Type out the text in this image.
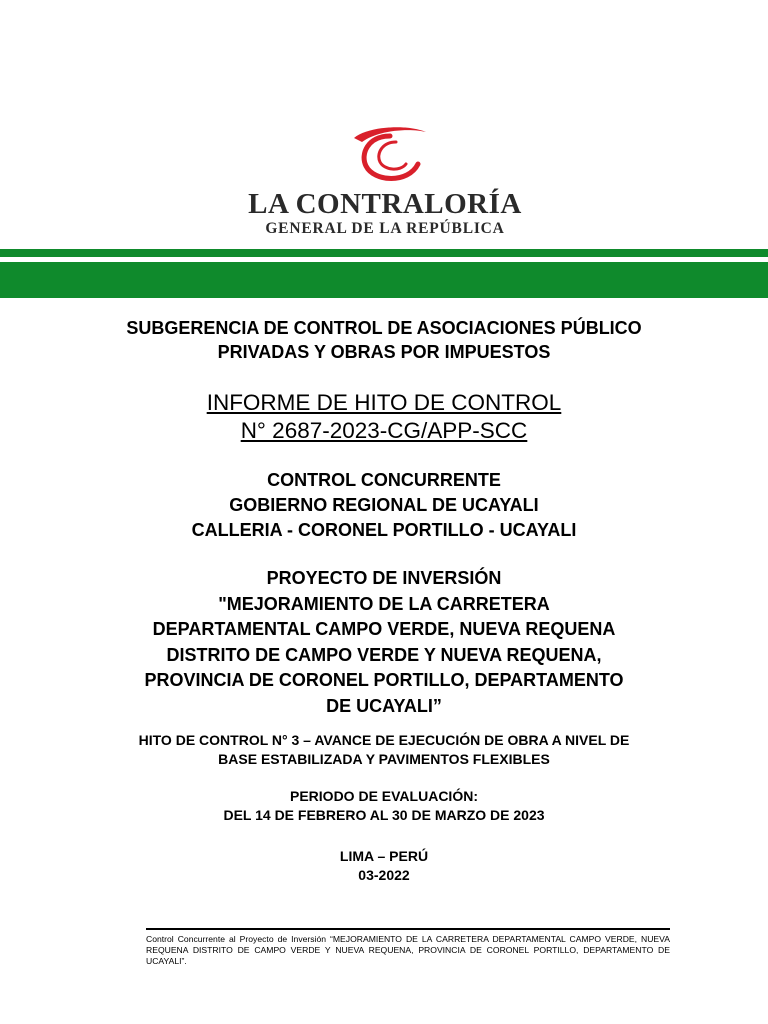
LA CONTRALORÍA
GENERAL DE LA REPÚBLICA
SUBGERENCIA DE CONTROL DE ASOCIACIONES PÚBLICO
PRIVADAS Y OBRAS POR IMPUESTOS
INFORME DE HITO DE CONTROL
N° 2687-2023-CG/APP-SCC
CONTROL CONCURRENTE
GOBIERNO REGIONAL DE UCAYALI
CALLERIA - CORONEL PORTILLO - UCAYALI
PROYECTO DE INVERSIÓN
"MEJORAMIENTO DE LA CARRETERA
DEPARTAMENTAL CAMPO VERDE, NUEVA REQUENA
DISTRITO DE CAMPO VERDE Y NUEVA REQUENA,
PROVINCIA DE CORONEL PORTILLO, DEPARTAMENTO
DE UCAYALI”
HITO DE CONTROL N° 3 – AVANCE DE EJECUCIÓN DE OBRA A NIVEL DE
BASE ESTABILIZADA Y PAVIMENTOS FLEXIBLES
PERIODO DE EVALUACIÓN:
DEL 14 DE FEBRERO AL 30 DE MARZO DE 2023
LIMA – PERÚ
03-2022
Control Concurrente al Proyecto de Inversión “MEJORAMIENTO DE LA CARRETERA DEPARTAMENTAL CAMPO VERDE, NUEVA REQUENA DISTRITO DE CAMPO VERDE Y NUEVA REQUENA, PROVINCIA DE CORONEL PORTILLO, DEPARTAMENTO DE UCAYALI”.
